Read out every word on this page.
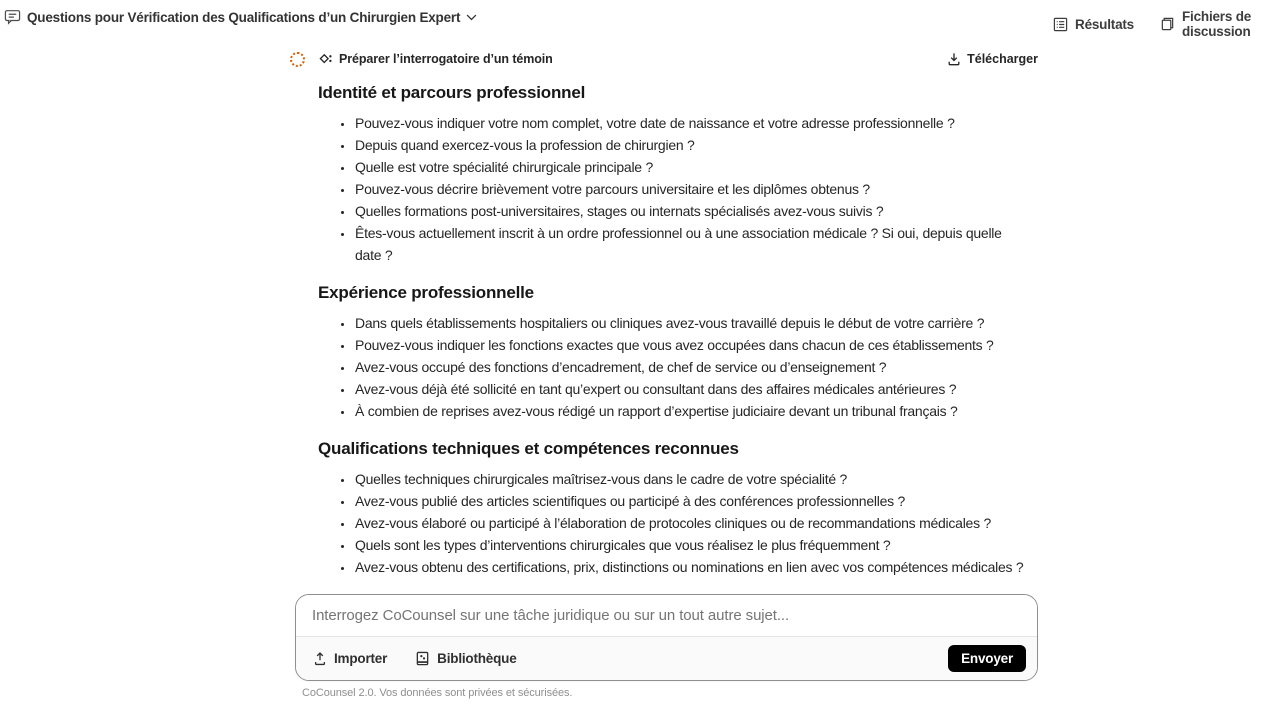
Questions pour Vérification des Qualifications d’un Chirurgien Expert	Résultats	Fichiers de discussion
Préparer l’interrogatoire d’un témoin	Télécharger
Identité et parcours professionnel
• Pouvez-vous indiquer votre nom complet, votre date de naissance et votre adresse professionnelle ?
• Depuis quand exercez-vous la profession de chirurgien ?
• Quelle est votre spécialité chirurgicale principale ?
• Pouvez-vous décrire brièvement votre parcours universitaire et les diplômes obtenus ?
• Quelles formations post-universitaires, stages ou internats spécialisés avez-vous suivis ?
• Êtes-vous actuellement inscrit à un ordre professionnel ou à une association médicale ? Si oui, depuis quelle date ?
Expérience professionnelle
• Dans quels établissements hospitaliers ou cliniques avez-vous travaillé depuis le début de votre carrière ?
• Pouvez-vous indiquer les fonctions exactes que vous avez occupées dans chacun de ces établissements ?
• Avez-vous occupé des fonctions d’encadrement, de chef de service ou d’enseignement ?
• Avez-vous déjà été sollicité en tant qu’expert ou consultant dans des affaires médicales antérieures ?
• À combien de reprises avez-vous rédigé un rapport d’expertise judiciaire devant un tribunal français ?
Qualifications techniques et compétences reconnues
• Quelles techniques chirurgicales maîtrisez-vous dans le cadre de votre spécialité ?
• Avez-vous publié des articles scientifiques ou participé à des conférences professionnelles ?
• Avez-vous élaboré ou participé à l’élaboration de protocoles cliniques ou de recommandations médicales ?
• Quels sont les types d’interventions chirurgicales que vous réalisez le plus fréquemment ?
• Avez-vous obtenu des certifications, prix, distinctions ou nominations en lien avec vos compétences médicales ?
Interrogez CoCounsel sur une tâche juridique ou sur un tout autre sujet...
Importer	Bibliothèque	Envoyer
CoCounsel 2.0. Vos données sont privées et sécurisées.
